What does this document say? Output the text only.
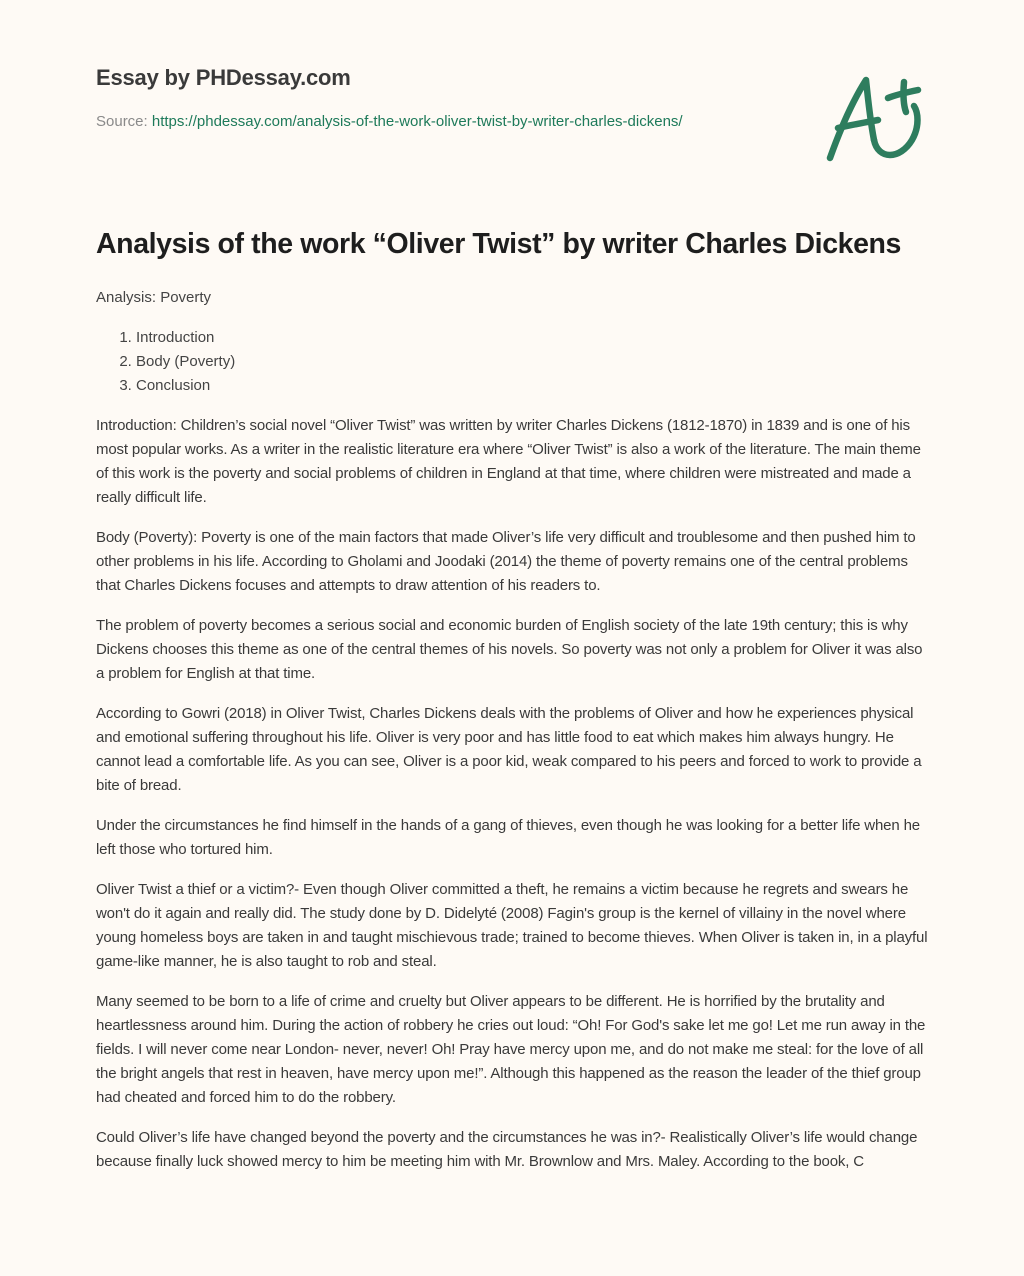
Essay by PHDessay.com
Source: https://phdessay.com/analysis-of-the-work-oliver-twist-by-writer-charles-dickens/
Analysis of the work “Oliver Twist” by writer Charles Dickens

Analysis: Poverty

1. Introduction
2. Body (Poverty)
3. Conclusion

Introduction: Children’s social novel “Oliver Twist” was written by writer Charles Dickens (1812-1870) in 1839 and is one of his most popular works. As a writer in the realistic literature era where “Oliver Twist” is also a work of the literature. The main theme of this work is the poverty and social problems of children in England at that time, where children were mistreated and made a really difficult life.

Body (Poverty): Poverty is one of the main factors that made Oliver’s life very difficult and troublesome and then pushed him to other problems in his life. According to Gholami and Joodaki (2014) the theme of poverty remains one of the central problems that Charles Dickens focuses and attempts to draw attention of his readers to.

The problem of poverty becomes a serious social and economic burden of English society of the late 19th century; this is why Dickens chooses this theme as one of the central themes of his novels. So poverty was not only a problem for Oliver it was also a problem for English at that time.

According to Gowri (2018) in Oliver Twist, Charles Dickens deals with the problems of Oliver and how he experiences physical and emotional suffering throughout his life. Oliver is very poor and has little food to eat which makes him always hungry. He cannot lead a comfortable life. As you can see, Oliver is a poor kid, weak compared to his peers and forced to work to provide a bite of bread.

Under the circumstances he find himself in the hands of a gang of thieves, even though he was looking for a better life when he left those who tortured him.

Oliver Twist a thief or a victim?- Even though Oliver committed a theft, he remains a victim because he regrets and swears he won't do it again and really did. The study done by D. Didelyté (2008) Fagin's group is the kernel of villainy in the novel where young homeless boys are taken in and taught mischievous trade; trained to become thieves. When Oliver is taken in, in a playful game-like manner, he is also taught to rob and steal.

Many seemed to be born to a life of crime and cruelty but Oliver appears to be different. He is horrified by the brutality and heartlessness around him. During the action of robbery he cries out loud: “Oh! For God's sake let me go! Let me run away in the fields. I will never come near London- never, never! Oh! Pray have mercy upon me, and do not make me steal: for the love of all the bright angels that rest in heaven, have mercy upon me!”. Although this happened as the reason the leader of the thief group had cheated and forced him to do the robbery.

Could Oliver’s life have changed beyond the poverty and the circumstances he was in?- Realistically Oliver’s life would change because finally luck showed mercy to him be meeting him with Mr. Brownlow and Mrs. Maley. According to the book, C
